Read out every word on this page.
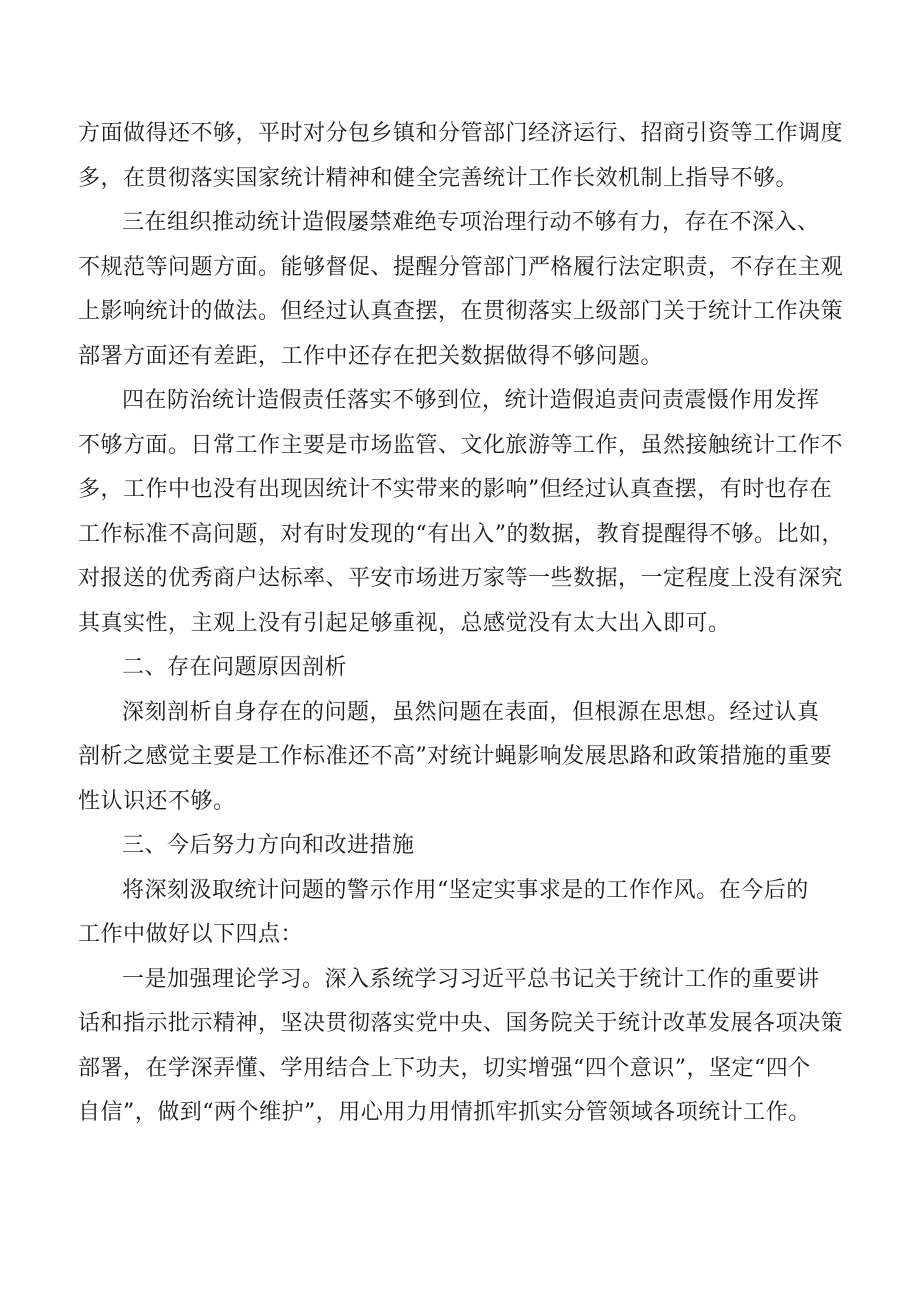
方面做得还不够，平时对分包乡镇和分管部门经济运行、招商引资等工作调度
多，在贯彻落实国家统计精神和健全完善统计工作长效机制上指导不够。
三在组织推动统计造假屡禁难绝专项治理行动不够有力，存在不深入、
不规范等问题方面。能够督促、提醒分管部门严格履行法定职责，不存在主观
上影响统计的做法。但经过认真查摆，在贯彻落实上级部门关于统计工作决策
部署方面还有差距，工作中还存在把关数据做得不够问题。
四在防治统计造假责任落实不够到位，统计造假追责问责震慑作用发挥
不够方面。日常工作主要是市场监管、文化旅游等工作，虽然接触统计工作不
多，工作中也没有出现因统计不实带来的影响”但经过认真查摆，有时也存在
工作标准不高问题，对有时发现的“有出入”的数据，教育提醒得不够。比如，
对报送的优秀商户达标率、平安市场进万家等一些数据，一定程度上没有深究
其真实性，主观上没有引起足够重视，总感觉没有太大出入即可。
二、存在问题原因剖析
深刻剖析自身存在的问题，虽然问题在表面，但根源在思想。经过认真
剖析之感觉主要是工作标准还不高”对统计蝇影响发展思路和政策措施的重要
性认识还不够。
三、今后努力方向和改进措施
将深刻汲取统计问题的警示作用“坚定实事求是的工作作风。在今后的
工作中做好以下四点：
一是加强理论学习。深入系统学习习近平总书记关于统计工作的重要讲
话和指示批示精神，坚决贯彻落实党中央、国务院关于统计改革发展各项决策
部署，在学深弄懂、学用结合上下功夫，切实增强“四个意识”，坚定“四个
自信”，做到“两个维护”，用心用力用情抓牢抓实分管领域各项统计工作。
